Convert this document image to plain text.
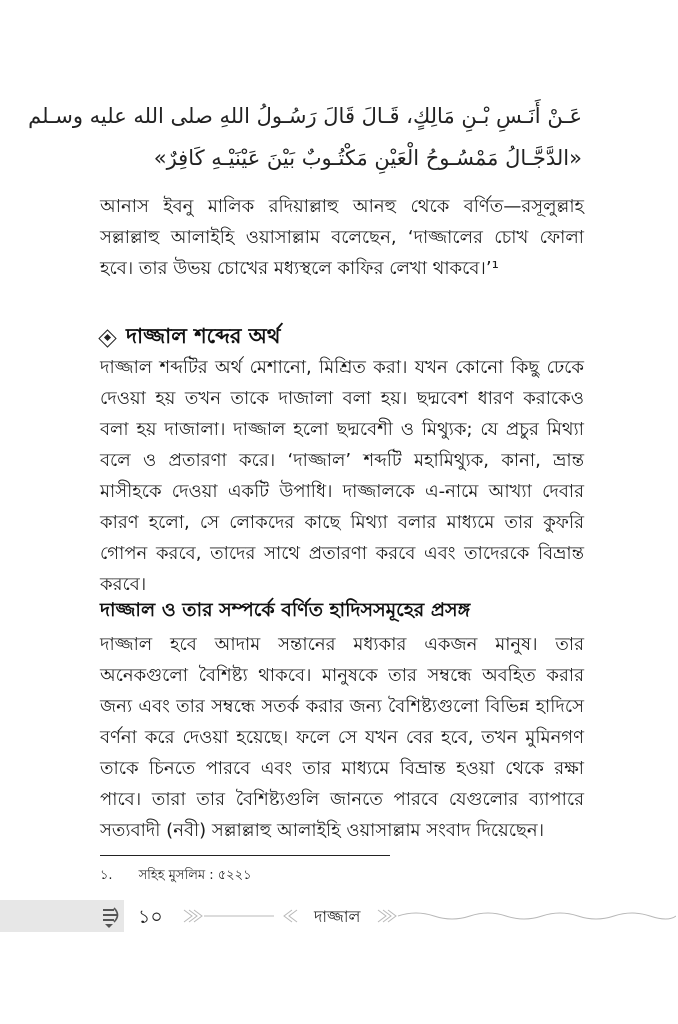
عَـنْ أَنَـسِ بْـنِ مَالِكٍ، قَـالَ قَالَ رَسُـولُ اللهِ صلى الله عليه وسـلم
«الدَّجَّـالُ مَمْسُـوحُ الْعَيْنِ مَكْتُـوبٌ بَيْنَ عَيْنَيْـهِ كَافِرٌ»
আনাস ইবনু মালিক রদিয়াল্লাহু আনহু থেকে বর্ণিত—রসূলুল্লাহ সল্লাল্লাহু আলাইহি ওয়াসাল্লাম বলেছেন, ‘দাজ্জালের চোখ ফোলা হবে। তার উভয় চোখের মধ্যস্থলে কাফির লেখা থাকবে।’¹
দাজ্জাল শব্দের অর্থ
দাজ্জাল শব্দটির অর্থ মেশানো, মিশ্রিত করা। যখন কোনো কিছু ঢেকে দেওয়া হয় তখন তাকে দাজালা বলা হয়। ছদ্মবেশ ধারণ করাকেও বলা হয় দাজালা। দাজ্জাল হলো ছদ্মবেশী ও মিথ্যুক; যে প্রচুর মিথ্যা বলে ও প্রতারণা করে। ‘দাজ্জাল’ শব্দটি মহামিথ্যুক, কানা, ভ্রান্ত মাসীহকে দেওয়া একটি উপাধি। দাজ্জালকে এ-নামে আখ্যা দেবার কারণ হলো, সে লোকদের কাছে মিথ্যা বলার মাধ্যমে তার কুফরি গোপন করবে, তাদের সাথে প্রতারণা করবে এবং তাদেরকে বিভ্রান্ত করবে।
দাজ্জাল ও তার সম্পর্কে বর্ণিত হাদিসসমূহের প্রসঙ্গ
দাজ্জাল হবে আদাম সন্তানের মধ্যকার একজন মানুষ। তার অনেকগুলো বৈশিষ্ট্য থাকবে। মানুষকে তার সম্বন্ধে অবহিত করার জন্য এবং তার সম্বন্ধে সতর্ক করার জন্য বৈশিষ্ট্যগুলো বিভিন্ন হাদিসে বর্ণনা করে দেওয়া হয়েছে। ফলে সে যখন বের হবে, তখন মুমিনগণ তাকে চিনতে পারবে এবং তার মাধ্যমে বিভ্রান্ত হওয়া থেকে রক্ষা পাবে। তারা তার বৈশিষ্ট্যগুলি জানতে পারবে যেগুলোর ব্যাপারে সত্যবাদী (নবী) সল্লাল্লাহু আলাইহি ওয়াসাল্লাম সংবাদ দিয়েছেন।
১. সহিহ মুসলিম : ৫২২১
১০	দাজ্জাল
